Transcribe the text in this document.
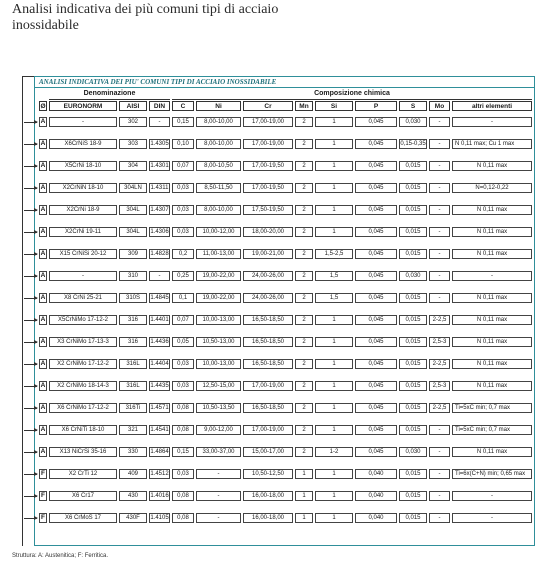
Analisi indicativa dei più comuni tipi di acciaio inossidabile
ANALISI INDICATIVA DEI PIU' COMUNI TIPI DI ACCIAIO INOSSIDABILE
Denominazione	Composizione chimica
Ø	EURONORM	AISI	DIN	C	Ni	Cr	Mn	Si	P	S	Mo	altri elementi
A	-	302	-	0,15	8,00-10,00	17,00-19,00	2	1	0,045	0,030	-	-
A	X6CrNiS 18-9	303	1.4305	0,10	8,00-10,00	17,00-19,00	2	1	0,045	0,15-0,35	-	N 0,11 max; Cu 1 max
A	X5CrNi 18-10	304	1.4301	0,07	8,00-10,50	17,00-19,50	2	1	0,045	0,015	-	N 0,11 max
A	X2CrNiN 18-10	304LN	1.4311	0,03	8,50-11,50	17,00-19,50	2	1	0,045	0,015	-	N=0,12-0,22
A	X2CrNi 18-9	304L	1.4307	0,03	8,00-10,00	17,50-19,50	2	1	0,045	0,015	-	N 0,11 max
A	X2CrNi 19-11	304L	1.4306	0,03	10,00-12,00	18,00-20,00	2	1	0,045	0,015	-	N 0,11 max
A	X15 CrNiSi 20-12	309	1.4828	0,2	11,00-13,00	19,00-21,00	2	1,5-2,5	0,045	0,015	-	N 0,11 max
A	-	310	-	0,25	19,00-22,00	24,00-26,00	2	1,5	0,045	0,030	-	-
A	X8 CrNi 25-21	310S	1.4845	0,1	19,00-22,00	24,00-26,00	2	1,5	0,045	0,015	-	N 0,11 max
A	X5CrNiMo 17-12-2	316	1.4401	0,07	10,00-13,00	16,50-18,50	2	1	0,045	0,015	2-2,5	N 0,11 max
A	X3 CrNiMo 17-13-3	316	1.4436	0,05	10,50-13,00	16,50-18,50	2	1	0,045	0,015	2,5-3	N 0,11 max
A	X2 CrNiMo 17-12-2	316L	1.4404	0,03	10,00-13,00	16,50-18,50	2	1	0,045	0,015	2-2,5	N 0,11 max
A	X2 CrNiMo 18-14-3	316L	1.4435	0,03	12,50-15,00	17,00-19,00	2	1	0,045	0,015	2,5-3	N 0,11 max
A	X6 CrNiMo 17-12-2	316Ti	1.4571	0,08	10,50-13,50	16,50-18,50	2	1	0,045	0,015	2-2,5	Ti=5xC min; 0,7 max
A	X6 CrNiTi 18-10	321	1.4541	0,08	9,00-12,00	17,00-19,00	2	1	0,045	0,015	-	Ti=5xC min; 0,7 max
A	X13 NiCrSi 35-16	330	1.4864	0,15	33,00-37,00	15,00-17,00	2	1-2	0,045	0,030	-	N 0,11 max
F	X2 CrTi 12	409	1.4512	0,03	-	10,50-12,50	1	1	0,040	0,015	-	Ti=6x(C+N) min; 0,65 max
F	X6 Cr17	430	1.4016	0,08	-	16,00-18,00	1	1	0,040	0,015	-	-
F	X6 CrMoS 17	430F	1.4105	0,08	-	16,00-18,00	1	1	0,040	0,015	-	-
Struttura: A: Austenitica; F: Ferritica.
